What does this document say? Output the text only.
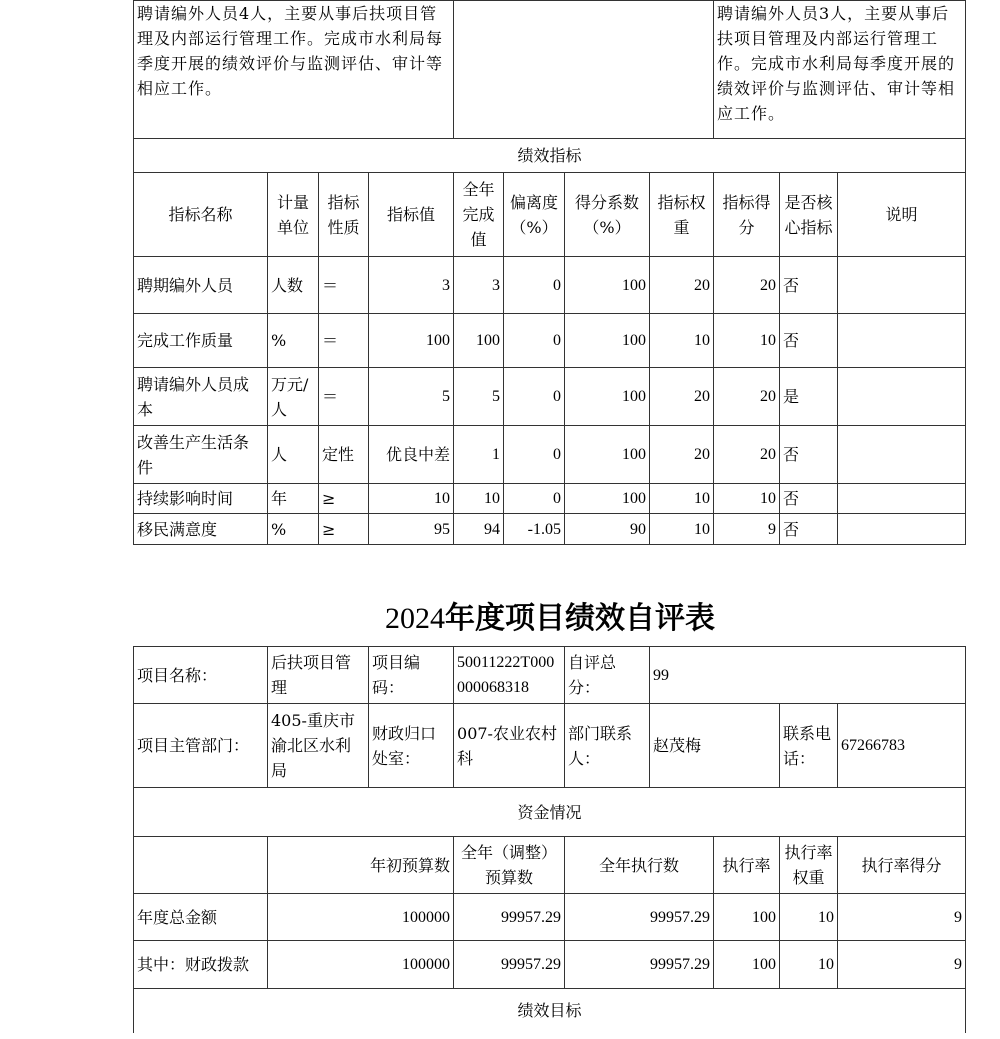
聘请编外人员4人，主要从事后扶项目管理及内部运行管理工作。完成市水利局每季度开展的绩效评价与监测评估、审计等相应工作。								聘请编外人员3人，主要从事后扶项目管理及内部运行管理工作。完成市水利局每季度开展的绩效评价与监测评估、审计等相应工作。		
绩效指标										
指标名称	计量单位	指标性质	指标值	全年完成值	偏离度（%）	得分系数（%）	指标权重	指标得分	是否核心指标	说明
聘期编外人员	人数	＝	3	3	0	100	20	20	否	
完成工作质量	%	＝	100	100	0	100	10	10	否	
聘请编外人员成本	万元/人	＝	5	5	0	100	20	20	是	
改善生产生活条件	人	定性	优良中差	1	0	100	20	20	否	
持续影响时间	年	≥	10	10	0	100	10	10	否	
移民满意度	%	≥	95	94	-1.05	90	10	9	否	
2024年度项目绩效自评表
项目名称：	后扶项目管理	项目编码：	50011222T000000068318	自评总分：	99			
项目主管部门：	405-重庆市渝北区水利局	财政归口处室：	007-农业农村科	部门联系人：	赵茂梅		联系电话：	67266783
资金情况								
	年初预算数		全年（调整）预算数	全年执行数		执行率	执行率权重	执行率得分
年度总金额	100000		99957.29	99957.29		100	10	9
其中：财政拨款	100000		99957.29	99957.29		100	10	9
绩效目标								
